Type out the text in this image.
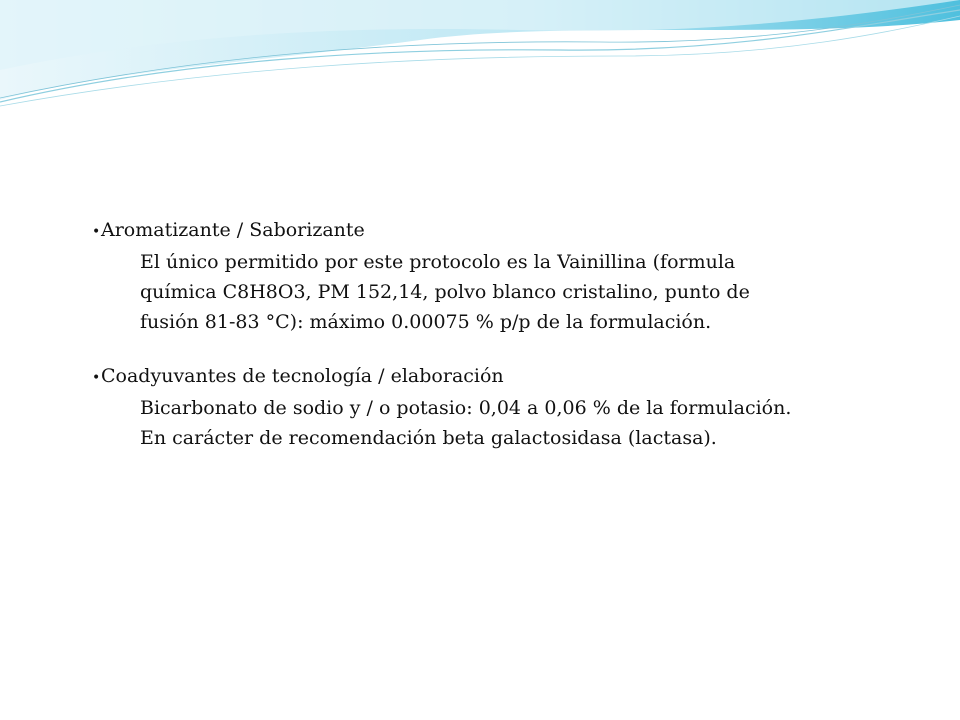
• Aromatizante / Saborizante
El único permitido por este protocolo es la Vainillina (formula
química C8H8O3, PM 152,14, polvo blanco cristalino, punto de
fusión 81-83 °C): máximo 0.00075 % p/p de la formulación.
• Coadyuvantes de tecnología / elaboración
Bicarbonato de sodio y / o potasio: 0,04 a 0,06 % de la formulación.
En carácter de recomendación beta galactosidasa (lactasa).
